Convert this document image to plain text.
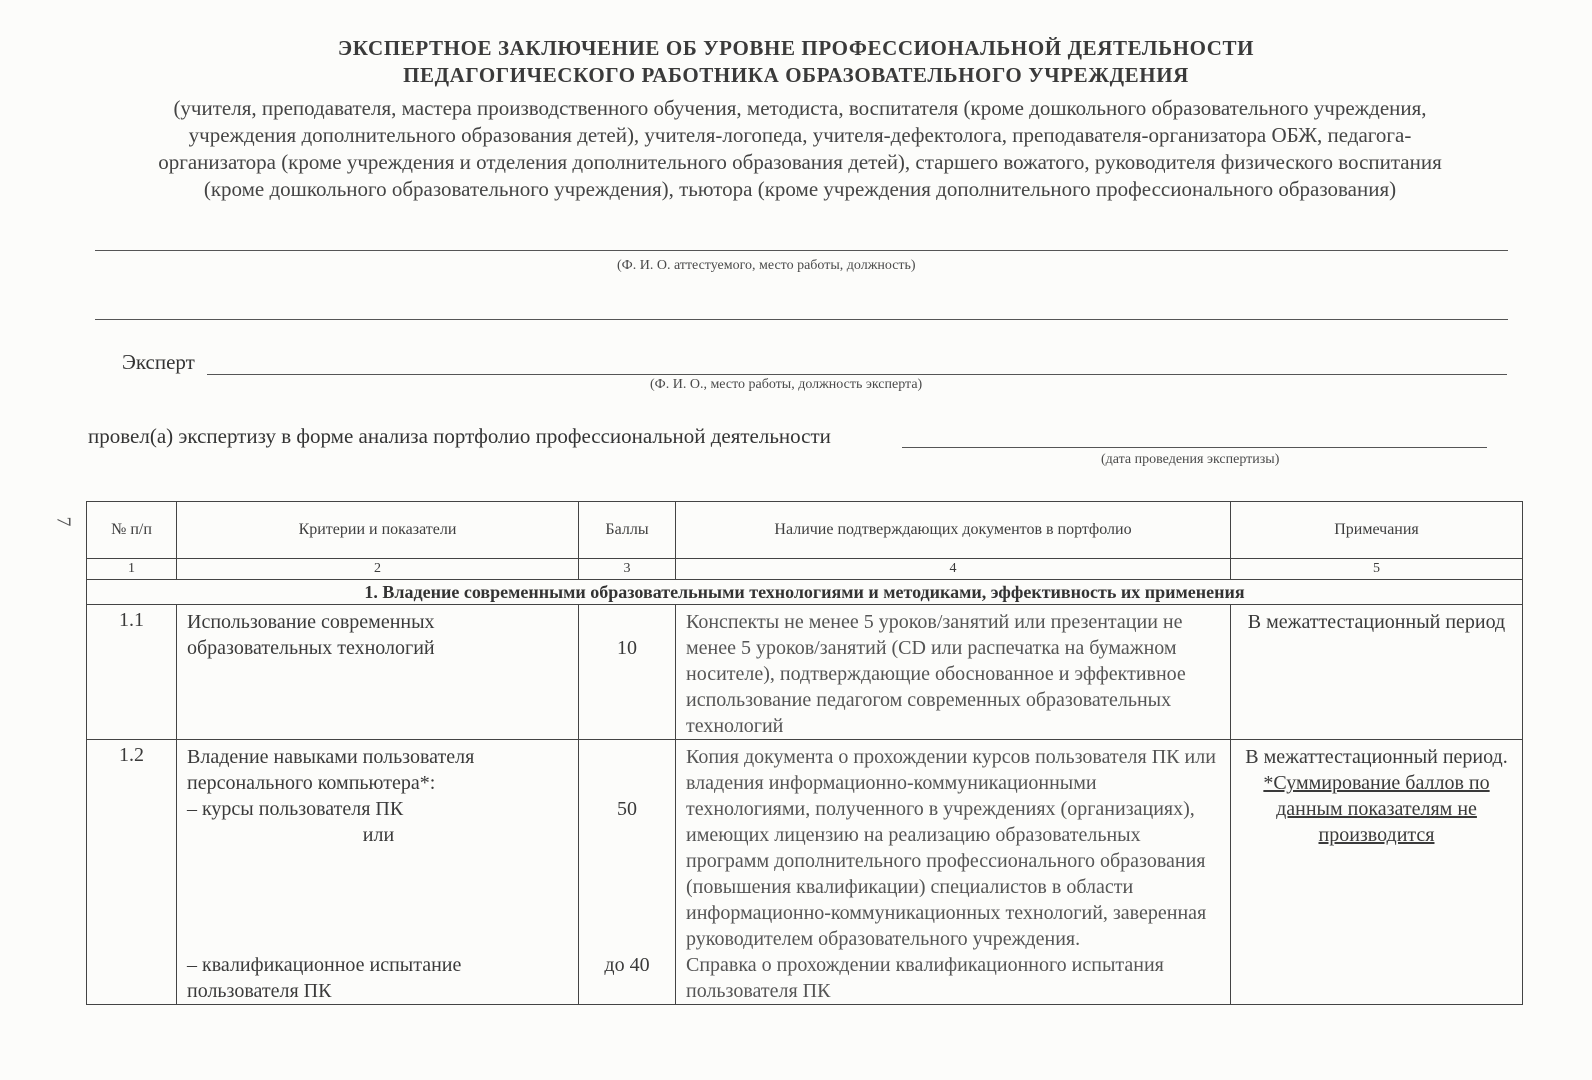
ЭКСПЕРТНОЕ ЗАКЛЮЧЕНИЕ ОБ УРОВНЕ ПРОФЕССИОНАЛЬНОЙ ДЕЯТЕЛЬНОСТИ
ПЕДАГОГИЧЕСКОГО РАБОТНИКА ОБРАЗОВАТЕЛЬНОГО УЧРЕЖДЕНИЯ
(учителя, преподавателя, мастера производственного обучения, методиста, воспитателя (кроме дошкольного образовательного учреждения,
учреждения дополнительного образования детей), учителя-логопеда, учителя-дефектолога, преподавателя-организатора ОБЖ, педагога-
организатора (кроме учреждения и отделения дополнительного образования детей), старшего вожатого, руководителя физического воспитания
(кроме дошкольного образовательного учреждения), тьютора (кроме учреждения дополнительного профессионального образования)
(Ф. И. О. аттестуемого, место работы, должность)
Эксперт
(Ф. И. О., место работы, должность эксперта)
провел(а) экспертизу в форме анализа портфолио профессиональной деятельности
(дата проведения экспертизы)
7 № п/п	Критерии и показатели	Баллы	Наличие подтверждающих документов в портфолио	Примечания
1	2	3	4	5
1. Владение современными образовательными технологиями и методиками, эффективность их применения
1.1	Использование современных образовательных технологий	10	Конспекты не менее 5 уроков/занятий или презентации не менее 5 уроков/занятий (CD или распечатка на бумажном носителе), подтверждающие обоснованное и эффективное использование педагогом современных образовательных технологий	В межаттестационный период
1.2	Владение навыками пользователя персонального компьютера*:
– курсы пользователя ПК
или
– квалификационное испытание пользователя ПК

50
до 40

Копия документа о прохождении курсов пользователя ПК или владения информационно-коммуникационными технологиями, полученного в учреждениях (организациях), имеющих лицензию на реализацию образовательных программ дополнительного профессионального образования (повышения квалификации) специалистов в области информационно-коммуникационных технологий, заверенная руководителем образовательного учреждения.
Справка о прохождении квалификационного испытания пользователя ПК

В межаттестационный период.
*Суммирование баллов по данным показателям не производится
